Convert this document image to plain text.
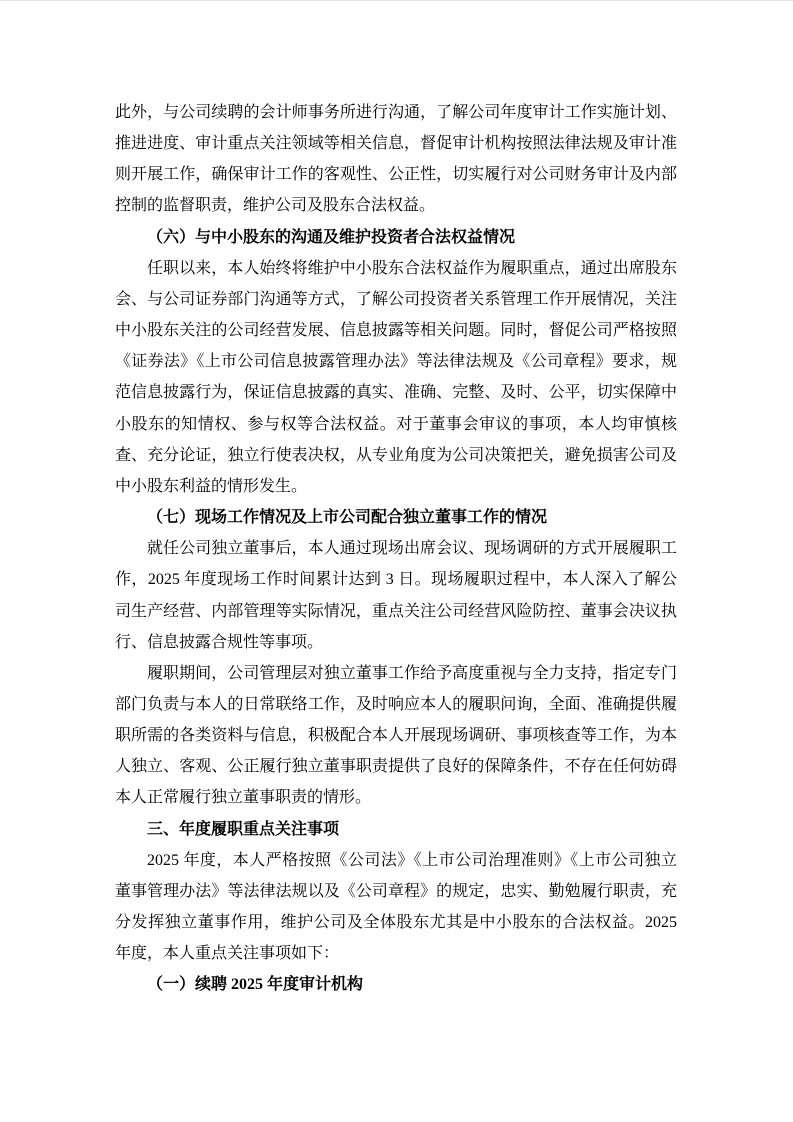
此外，与公司续聘的会计师事务所进行沟通，了解公司年度审计工作实施计划、推进进度、审计重点关注领域等相关信息，督促审计机构按照法律法规及审计准则开展工作，确保审计工作的客观性、公正性，切实履行对公司财务审计及内部控制的监督职责，维护公司及股东合法权益。

（六）与中小股东的沟通及维护投资者合法权益情况

任职以来，本人始终将维护中小股东合法权益作为履职重点，通过出席股东会、与公司证券部门沟通等方式，了解公司投资者关系管理工作开展情况，关注中小股东关注的公司经营发展、信息披露等相关问题。同时，督促公司严格按照《证券法》《上市公司信息披露管理办法》等法律法规及《公司章程》要求，规范信息披露行为，保证信息披露的真实、准确、完整、及时、公平，切实保障中小股东的知情权、参与权等合法权益。对于董事会审议的事项，本人均审慎核查、充分论证，独立行使表决权，从专业角度为公司决策把关，避免损害公司及中小股东利益的情形发生。

（七）现场工作情况及上市公司配合独立董事工作的情况

就任公司独立董事后，本人通过现场出席会议、现场调研的方式开展履职工作，2025 年度现场工作时间累计达到 3 日。现场履职过程中，本人深入了解公司生产经营、内部管理等实际情况，重点关注公司经营风险防控、董事会决议执行、信息披露合规性等事项。

履职期间，公司管理层对独立董事工作给予高度重视与全力支持，指定专门部门负责与本人的日常联络工作，及时响应本人的履职问询，全面、准确提供履职所需的各类资料与信息，积极配合本人开展现场调研、事项核查等工作，为本人独立、客观、公正履行独立董事职责提供了良好的保障条件，不存在任何妨碍本人正常履行独立董事职责的情形。

三、年度履职重点关注事项

2025 年度，本人严格按照《公司法》《上市公司治理准则》《上市公司独立董事管理办法》等法律法规以及《公司章程》的规定，忠实、勤勉履行职责，充分发挥独立董事作用，维护公司及全体股东尤其是中小股东的合法权益。2025 年度，本人重点关注事项如下：

（一）续聘 2025 年度审计机构
